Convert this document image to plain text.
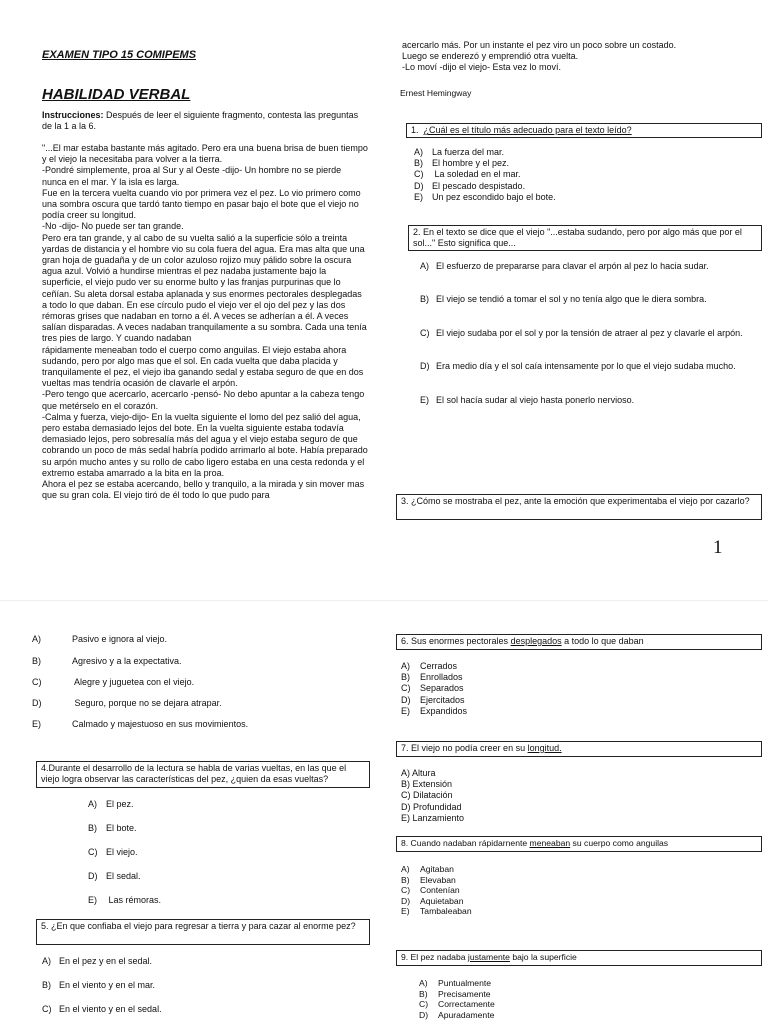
EXAMEN TIPO 15 COMIPEMS
HABILIDAD VERBAL
Instrucciones: Después de leer el siguiente fragmento, contesta las preguntas de la 1 a la 6.

"...El mar estaba bastante más agitado. Pero era una buena brisa de buen tiempo y el viejo la necesitaba para volver a la tierra.

-Pondré simplemente, proa al Sur y al Oeste -dijo- Un hombre no se pierde nunca en el mar. Y la isla es larga.

Fue en la tercera vuelta cuando vio por primera vez el pez. Lo vio primero como una sombra oscura que tardó tanto tiempo en pasar bajo el bote que el viejo no podía creer su longitud.

-No -dijo- No puede ser tan grande.

Pero era tan grande, y al cabo de su vuelta salió a la superficie sólo a treinta yardas de distancia y el hombre vio su cola fuera del agua. Era mas alta que una gran hoja de guadaña y de un color azuloso rojizo muy pálido sobre la oscura agua azul. Volvió a hundirse mientras el pez nadaba justamente bajo la superficie, el viejo pudo ver su enorme bulto y las franjas purpurinas que lo ceñían. Su aleta dorsal estaba aplanada y sus enormes pectorales desplegadas a todo lo que daban. En ese círculo pudo el viejo ver el ojo del pez y las dos rémoras grises que nadaban en torno a él. A veces se adherían a él. A veces salían disparadas. A veces nadaban tranquilamente a su sombra. Cada una tenía tres pies de largo. Y cuando nadaban

rápidamente meneaban todo el cuerpo como anguilas. El viejo estaba ahora sudando, pero por algo mas que el sol. En cada vuelta que daba placida y tranquilamente el pez, el viejo iba ganando sedal y estaba seguro de que en dos vueltas mas tendría ocasión de clavarle el arpón.

-Pero tengo que acercarlo, acercarlo -pensó- No debo apuntar a la cabeza tengo que metérselo en el corazón.

-Calma y fuerza, viejo-dijo- En la vuelta siguiente el lomo del pez salió del agua, pero estaba demasiado lejos del bote. En la vuelta siguiente estaba todavía demasiado lejos, pero sobresalía más del agua y el viejo estaba seguro de que cobrando un poco de más sedal habría podido arrimarlo al bote. Había preparado su arpón mucho antes y su rollo de cabo ligero estaba en una cesta redonda y el extremo estaba amarrado a la bita en la proa.

Ahora el pez se estaba acercando, bello y tranquilo, a la mirada y sin mover mas que su gran cola. El viejo tiró de él todo lo que pudo para

acercarlo más. Por un instante el pez viro un poco sobre un costado.
Luego se enderezó y emprendió otra vuelta.
-Lo moví -dijo el viejo- Esta vez lo moví.
Ernest Hemingway
1. ¿Cuál es el título más adecuado para el texto leído?
A) La fuerza del mar.
B) El hombre y el pez.
C) La soledad en el mar.
D) El pescado despistado.
E) Un pez escondido bajo el bote.
2. En el texto se dice que el viejo "...estaba sudando, pero por algo más que por el sol..." Esto significa que...
A) El esfuerzo de prepararse para clavar el arpón al pez lo hacia sudar.
B) El viejo se tendió a tomar el sol y no tenía algo que le diera sombra.
C) El viejo sudaba por el sol y por la tensión de atraer al pez y clavarle el arpón.
D) Era medio día y el sol caía intensamente por lo que el viejo sudaba mucho.
E) El sol hacía sudar al viejo hasta ponerlo nervioso.
3. ¿Cómo se mostraba el pez, ante la emoción que experimentaba el viejo por cazarlo?
1
A)	Pasivo e ignora al viejo.
B)	Agresivo y a la expectativa.
C)	Alegre y juguetea con el viejo.
D)	Seguro, porque no se dejara atrapar.
E)	Calmado y majestuoso en sus movimientos.
4.Durante el desarrollo de la lectura se habla de varias vueltas, en las que el viejo logra observar las características del pez, ¿quien da esas vueltas?
A) El pez.
B) El bote.
C) El viejo.
D) El sedal.
E) Las rémoras.
5. ¿En que confiaba el viejo para regresar a tierra y para cazar al enorme pez?
A) En el pez y en el sedal.
B) En el viento y en el mar.
C) En el viento y en el sedal.
6. Sus enormes pectorales desplegados a todo lo que daban
A) Cerrados
B) Enrollados
C) Separados
D) Ejercitados
E) Expandidos
7. El viejo no podía creer en su longitud.
A) Altura
B) Extensión
C) Dilatación
D) Profundidad
E) Lanzamiento
8. Cuando nadaban rápidarnente meneaban su cuerpo como anguilas
A) Agitaban
B) Elevaban
C) Contenían
D) Aquietaban
E) Tambaleaban
9. El pez nadaba justamente bajo la superficie
A) Puntualmente
B) Precisamente
C) Correctamente
D) Apuradamente
